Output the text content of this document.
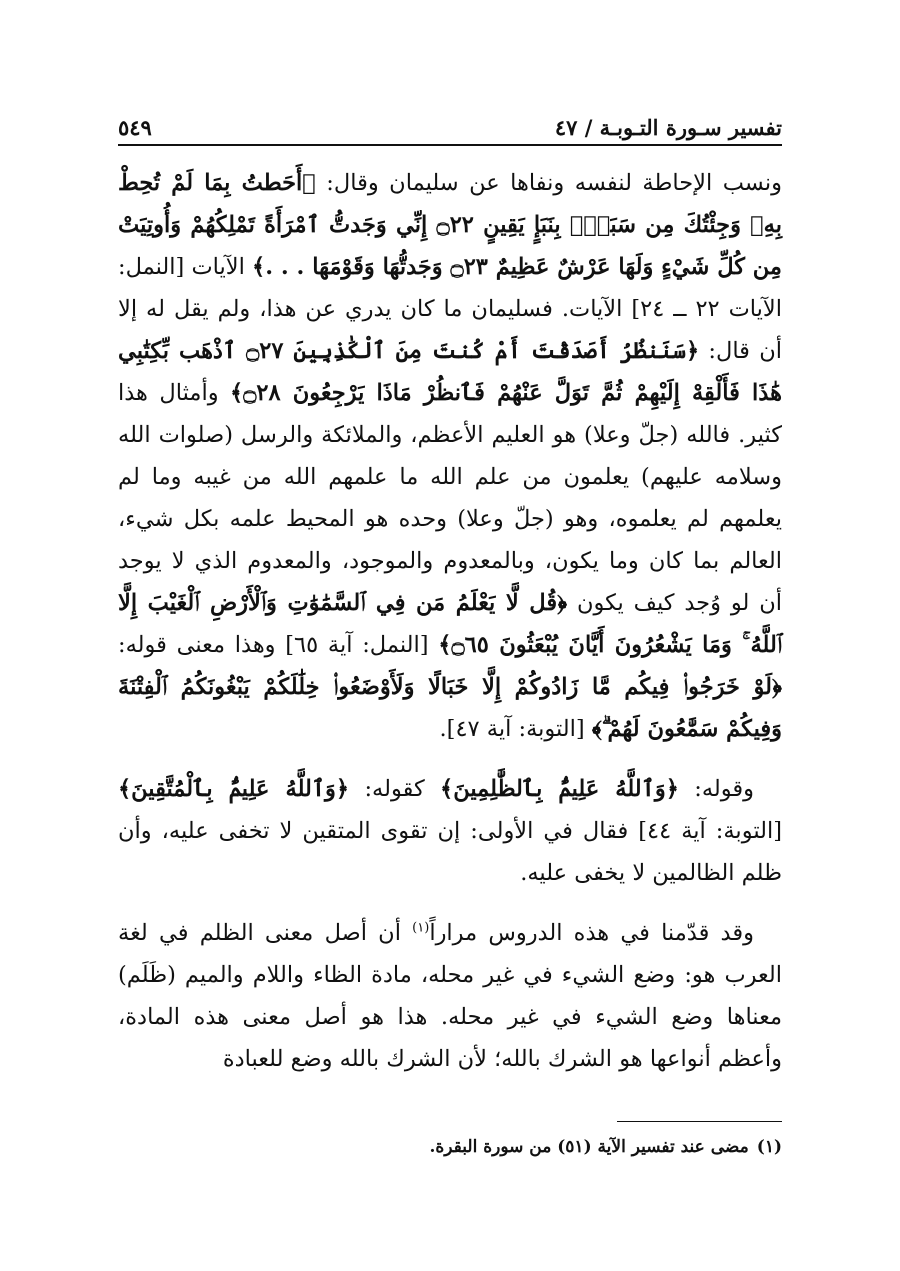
تفسير سـورة التـوبـة / ٤٧
٥٤٩

ونسب الإحاطة لنفسه ونفاها عن سليمان وقال: ﴿أَحَطتُ بِمَا لَمْ تُحِطْ بِهِۦ وَجِئْتُكَ مِن سَبَإٍۭ بِنَبَإٍ يَقِينٍ ۝٢٢ إِنِّي وَجَدتُّ ٱمْرَأَةً تَمْلِكُهُمْ وَأُوتِيَتْ مِن كُلِّ شَيْءٍ وَلَهَا عَرْشٌ عَظِيمٌ ۝٢٣ وَجَدتُّهَا وَقَوْمَهَا . . .﴾ الآيات [النمل: الآيات ٢٢ ــ ٢٤] الآيات. فسليمان ما كان يدري عن هذا، ولم يقل له إلا أن قال: ﴿سَنَنظُرُ أَصَدَقْتَ أَمْ كُنتَ مِنَ ٱلْكَٰذِبِينَ ۝٢٧ ٱذْهَب بِّكِتَٰبِي هَٰذَا فَأَلْقِهْ إِلَيْهِمْ ثُمَّ تَوَلَّ عَنْهُمْ فَٱنظُرْ مَاذَا يَرْجِعُونَ ۝٢٨﴾ وأمثال هذا كثير. فالله (جلّ وعلا) هو العليم الأعظم، والملائكة والرسل (صلوات الله وسلامه عليهم) يعلمون من علم الله ما علمهم الله من غيبه وما لم يعلمهم لم يعلموه، وهو (جلّ وعلا) وحده هو المحيط علمه بكل شيء، العالم بما كان وما يكون، وبالمعدوم والموجود، والمعدوم الذي لا يوجد أن لو وُجد كيف يكون ﴿قُل لَّا يَعْلَمُ مَن فِي ٱلسَّمَٰوَٰتِ وَٱلْأَرْضِ ٱلْغَيْبَ إِلَّا ٱللَّهُ ۚ وَمَا يَشْعُرُونَ أَيَّانَ يُبْعَثُونَ ۝٦٥﴾ [النمل: آية ٦٥] وهذا معنى قوله: ﴿لَوْ خَرَجُوا۟ فِيكُم مَّا زَادُوكُمْ إِلَّا خَبَالًا وَلَأَوْضَعُوا۟ خِلَٰلَكُمْ يَبْغُونَكُمُ ٱلْفِتْنَةَ وَفِيكُمْ سَمَّٰعُونَ لَهُمْ ۗ﴾ [التوبة: آية ٤٧].

وقوله: ﴿وَٱللَّهُ عَلِيمٌۢ بِٱلظَّٰلِمِينَ﴾ كقوله: ﴿وَٱللَّهُ عَلِيمٌۢ بِٱلْمُتَّقِينَ﴾ [التوبة: آية ٤٤] فقال في الأولى: إن تقوى المتقين لا تخفى عليه، وأن ظلم الظالمين لا يخفى عليه.

وقد قدّمنا في هذه الدروس مراراً$^{(١)}$ أن أصل معنى الظلم في لغة العرب هو: وضع الشيء في غير محله، مادة الظاء واللام والميم (ظَلَم) معناها وضع الشيء في غير محله. هذا هو أصل معنى هذه المادة، وأعظم أنواعها هو الشرك بالله؛ لأن الشرك بالله وضع للعبادة

(١)مضى عند تفسير الآية (٥١) من سورة البقرة.
